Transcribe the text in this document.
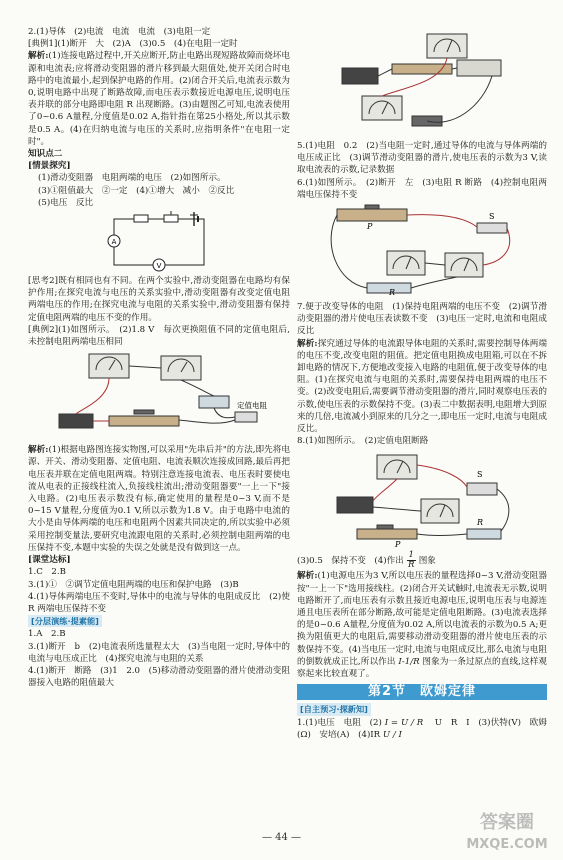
2.(1)导体　(2)电流　电流　电流　(3)电阻一定

[典例1](1)断开　大　(2)A　(3)0.5　(4)在电阻一定时

解析:(1)连接电路过程中,开关应断开,防止电路出现短路故障而烧坏电源和电流表;应将滑动变阻器的滑片移到最大阻值处,使开关闭合时电路中的电流最小,起到保护电路的作用。(2)闭合开关后,电流表示数为0,说明电路中出现了断路故障,而电压表示数接近电源电压,说明电压表并联的部分电路即电阻 R 出现断路。(3)由题图乙可知,电流表使用了0~0.6 A量程,分度值是0.02 A,指针指在第25小格处,所以其示数是0.5 A。(4)在归纳电流与电压的关系时,应指明条件"在电阻一定时"。

知识点二

[情景探究]

(1)滑动变阻器　电阻两端的电压　(2)如图所示。

(3)①阻值最大　②一定　(4)①增大　减小　②反比

(5)电压　反比

A
V

[思考2]既有相同也有不同。在两个实验中,滑动变阻器在电路均有保护作用;在探究电流与电压的关系实验中,滑动变阻器有改变定值电阻两端电压的作用;在探究电流与电阻的关系实验中,滑动变阻器有保持定值电阻两端的电压不变的作用。

[典例2](1)如图所示。　(2)1.8 V　每次更换阻值不同的定值电阻后,未控制电阻两端电压相同

定值电阻

解析:(1)根据电路图连接实物图,可以采用"先串后并"的方法,即先将电源、开关、滑动变阻器、定值电阻、电流表顺次连接成回路,最后再把电压表并联在定值电阻两端。特别注意连接电流表、电压表时要使电流从电表的正接线柱流入,负接线柱流出;滑动变阻器要"一上一下"接入电路。(2)电压表示数没有标,确定使用的量程是0~3 V,而不是0~15 V量程,分度值为0.1 V,所以示数为1.8 V。由于电路中电流的大小是由导体两端的电压和电阻两个因素共同决定的,所以实验中必须采用控制变量法,要研究电流跟电阻的关系时,必须控制电阻两端的电压保持不变,本题中实验的失误之处就是没有做到这一点。

[课堂达标]

1.C　2.B

3.(1)①　②调节定值电阻两端的电压和保护电路　(3)B

4.(1)导体两端电压不变时,导体中的电流与导体的电阻成反比　(2)使 R 两端电压保持不变

[分层演练·提素能]

1.A　2.B

3.(1)断开　b　(2)电流表所选量程太大　(3)当电阻一定时,导体中的电流与电压成正比　(4)探究电流与电阻的关系

4.(1)断开　断路　(3)1　2.0　(5)移动滑动变阻器的滑片使滑动变阻器接入电路的阻值最大

5.(1)电阻　0.2　(2)当电阻一定时,通过导体的电流与导体两端的电压成正比　(3)调节滑动变阻器的滑片,使电压表的示数为3 V,读取电流表的示数,记录数据

6.(1)如图所示。　(2)断开　左　(3)电阻 R 断路　(4)控制电阻两端电压保持不变

S
P
R

7.便于改变导体的电阻　(1)保持电阻两端的电压不变　(2)调节滑动变阻器的滑片使电压表读数不变　(3)电压一定时,电流和电阻成反比

解析:探究通过导体的电流跟导体电阻的关系时,需要控制导体两端的电压不变,改变电阻的阻值。把定值电阻换成电阻箱,可以在不拆卸电路的情况下,方便地改变接入电路的电阻值,便于改变导体的电阻。(1)在探究电流与电阻的关系时,需要保持电阻两端的电压不变。(2)改变电阻后,需要调节滑动变阻器的滑片,同时观察电压表的示数,使电压表的示数保持不变。(3)表二中数据表明,电阻增大到原来的几倍,电流减小到原来的几分之一,即电压一定时,电流与电阻成反比。

8.(1)如图所示。　(2)定值电阻断路

S
P
R

(3)0.5　保持不变　(4)作出 $\frac{1}{R}$ 图象

解析:(1)电源电压为3 V,所以电压表的量程选择0~3 V,滑动变阻器按"一上一下"选用接线柱。(2)闭合开关试触时,电流表无示数,说明电路断开了,而电压表有示数且接近电源电压,说明电压表与电源连通且电压表所在部分断路,故可能是定值电阻断路。(3)电流表选择的是0~0.6 A量程,分度值为0.02 A,所以电流表的示数为0.5 A;更换为阻值更大的电阻后,需要移动滑动变阻器的滑片使电压表的示数保持不变。(4)当电压一定时,电流与电阻成反比,那么电流与电阻的倒数就成正比,所以作出 I-1/R 图象为一条过原点的直线,这样观察起来比较直观了。

第2节　欧姆定律

[自主预习·探新知]

1.(1)电压　电阻　(2) I = U / R 　U　R　I　(3)伏特(V)　欧姆(Ω)　安培(A)　(4)IR U / I

— 44 —
答案圈
MXQE.COM
